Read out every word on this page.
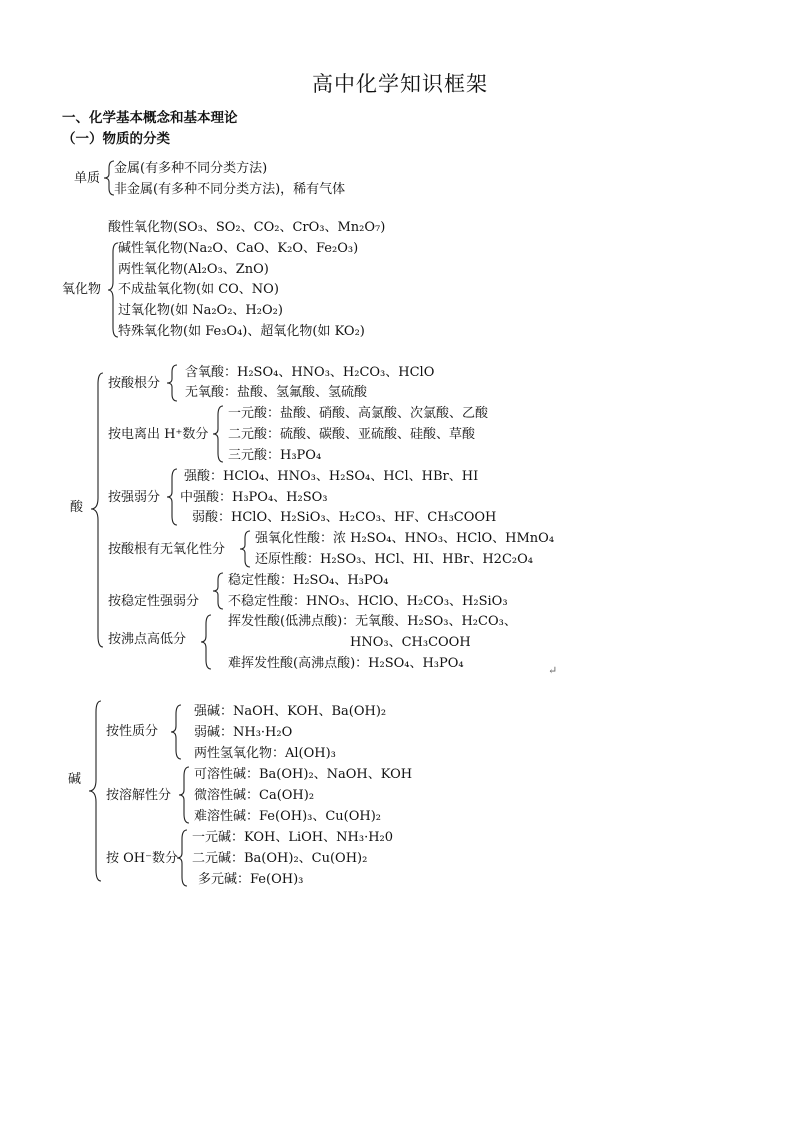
高中化学知识框架
一、化学基本概念和基本理论
（一）物质的分类
单质
金属(有多种不同分类方法)
非金属(有多种不同分类方法)，稀有气体
氧化物
酸性氧化物(SO₃、SO₂、CO₂、CrO₃、Mn₂O₇)
碱性氧化物(Na₂O、CaO、K₂O、Fe₂O₃)
两性氧化物(Al₂O₃、ZnO)
不成盐氧化物(如 CO、NO)
过氧化物(如 Na₂O₂、H₂O₂)
特殊氧化物(如 Fe₃O₄)、超氧化物(如 KO₂)
酸
按酸根分
含氧酸：H₂SO₄、HNO₃、H₂CO₃、HClO
无氧酸：盐酸、氢氟酸、氢硫酸
按电离出 H⁺数分
一元酸：盐酸、硝酸、高氯酸、次氯酸、乙酸
二元酸：硫酸、碳酸、亚硫酸、硅酸、草酸
三元酸：H₃PO₄
按强弱分
强酸：HClO₄、HNO₃、H₂SO₄、HCl、HBr、HI
中强酸：H₃PO₄、H₂SO₃
弱酸：HClO、H₂SiO₃、H₂CO₃、HF、CH₃COOH
按酸根有无氧化性分
强氧化性酸：浓 H₂SO₄、HNO₃、HClO、HMnO₄
还原性酸：H₂SO₃、HCl、HI、HBr、H2C₂O₄
按稳定性强弱分
稳定性酸：H₂SO₄、H₃PO₄
不稳定性酸：HNO₃、HClO、H₂CO₃、H₂SiO₃
按沸点高低分
挥发性酸(低沸点酸)：无氧酸、H₂SO₃、H₂CO₃、
HNO₃、CH₃COOH
难挥发性酸(高沸点酸)：H₂SO₄、H₃PO₄	↵
碱
按性质分
强碱：NaOH、KOH、Ba(OH)₂
弱碱：NH₃·H₂O
两性氢氧化物：Al(OH)₃
按溶解性分
可溶性碱：Ba(OH)₂、NaOH、KOH
微溶性碱：Ca(OH)₂
难溶性碱：Fe(OH)₃、Cu(OH)₂
按 OH⁻数分
一元碱：KOH、LiOH、NH₃·H₂0
二元碱：Ba(OH)₂、Cu(OH)₂
多元碱：Fe(OH)₃
